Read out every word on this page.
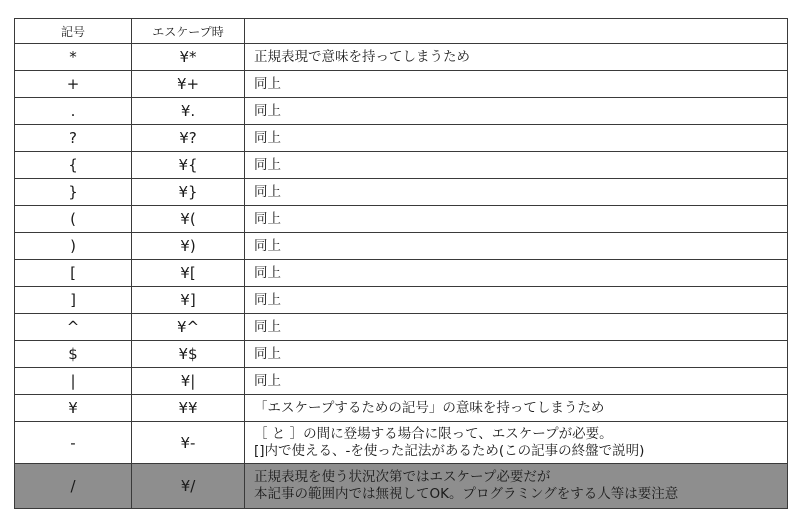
記号	エスケープ時	
*	¥*	正規表現で意味を持ってしまうため

+	¥+	同上

.	¥.	同上

?	¥?	同上

{	¥{	同上

}	¥}	同上

(	¥(	同上

)	¥)	同上

[	¥[	同上

]	¥]	同上

^	¥^	同上

$	¥$	同上

|	¥|	同上

¥	¥¥	「エスケープするための記号」の意味を持ってしまうため

-	¥-	［ と ］の間に登場する場合に限って、エスケープが必要。
[]内で使える、-を使った記法があるため(この記事の終盤で説明)

/	¥/	正規表現を使う状況次第ではエスケープ必要だが
本記事の範囲内では無視してOK。プログラミングをする人等は要注意
